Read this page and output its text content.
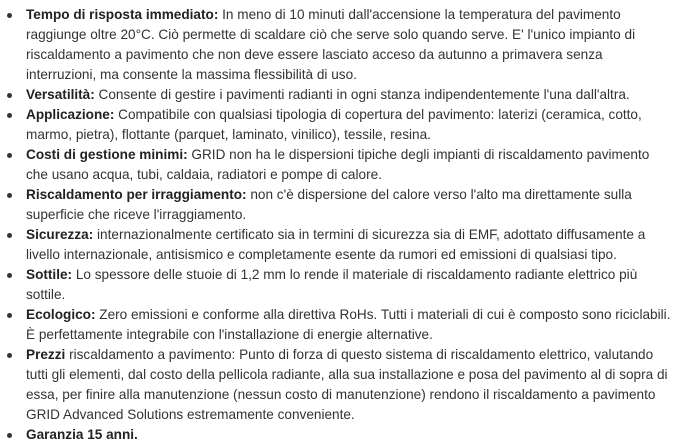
Tempo di risposta immediato: In meno di 10 minuti dall'accensione la temperatura del pavimento raggiunge oltre 20°C. Ciò permette di scaldare ciò che serve solo quando serve. E' l'unico impianto di riscaldamento a pavimento che non deve essere lasciato acceso da autunno a primavera senza interruzioni, ma consente la massima flessibilità di uso.
Versatilità: Consente di gestire i pavimenti radianti in ogni stanza indipendentemente l'una dall'altra.
Applicazione: Compatibile con qualsiasi tipologia di copertura del pavimento: laterizi (ceramica, cotto, marmo, pietra), flottante (parquet, laminato, vinilico), tessile, resina.
Costi di gestione minimi: GRID non ha le dispersioni tipiche degli impianti di riscaldamento pavimento che usano acqua, tubi, caldaia, radiatori e pompe di calore.
Riscaldamento per irraggiamento: non c'è dispersione del calore verso l'alto ma direttamente sulla superficie che riceve l'irraggiamento.
Sicurezza: internazionalmente certificato sia in termini di sicurezza sia di EMF, adottato diffusamente a livello internazionale, antisismico e completamente esente da rumori ed emissioni di qualsiasi tipo.
Sottile: Lo spessore delle stuoie di 1,2 mm lo rende il materiale di riscaldamento radiante elettrico più sottile.
Ecologico: Zero emissioni e conforme alla direttiva RoHs. Tutti i materiali di cui è composto sono riciclabili. È perfettamente integrabile con l'installazione di energie alternative.
Prezzi riscaldamento a pavimento: Punto di forza di questo sistema di riscaldamento elettrico, valutando tutti gli elementi, dal costo della pellicola radiante, alla sua installazione e posa del pavimento al di sopra di essa, per finire alla manutenzione (nessun costo di manutenzione) rendono il riscaldamento a pavimento GRID Advanced Solutions estremamente conveniente.
Garanzia 15 anni.
